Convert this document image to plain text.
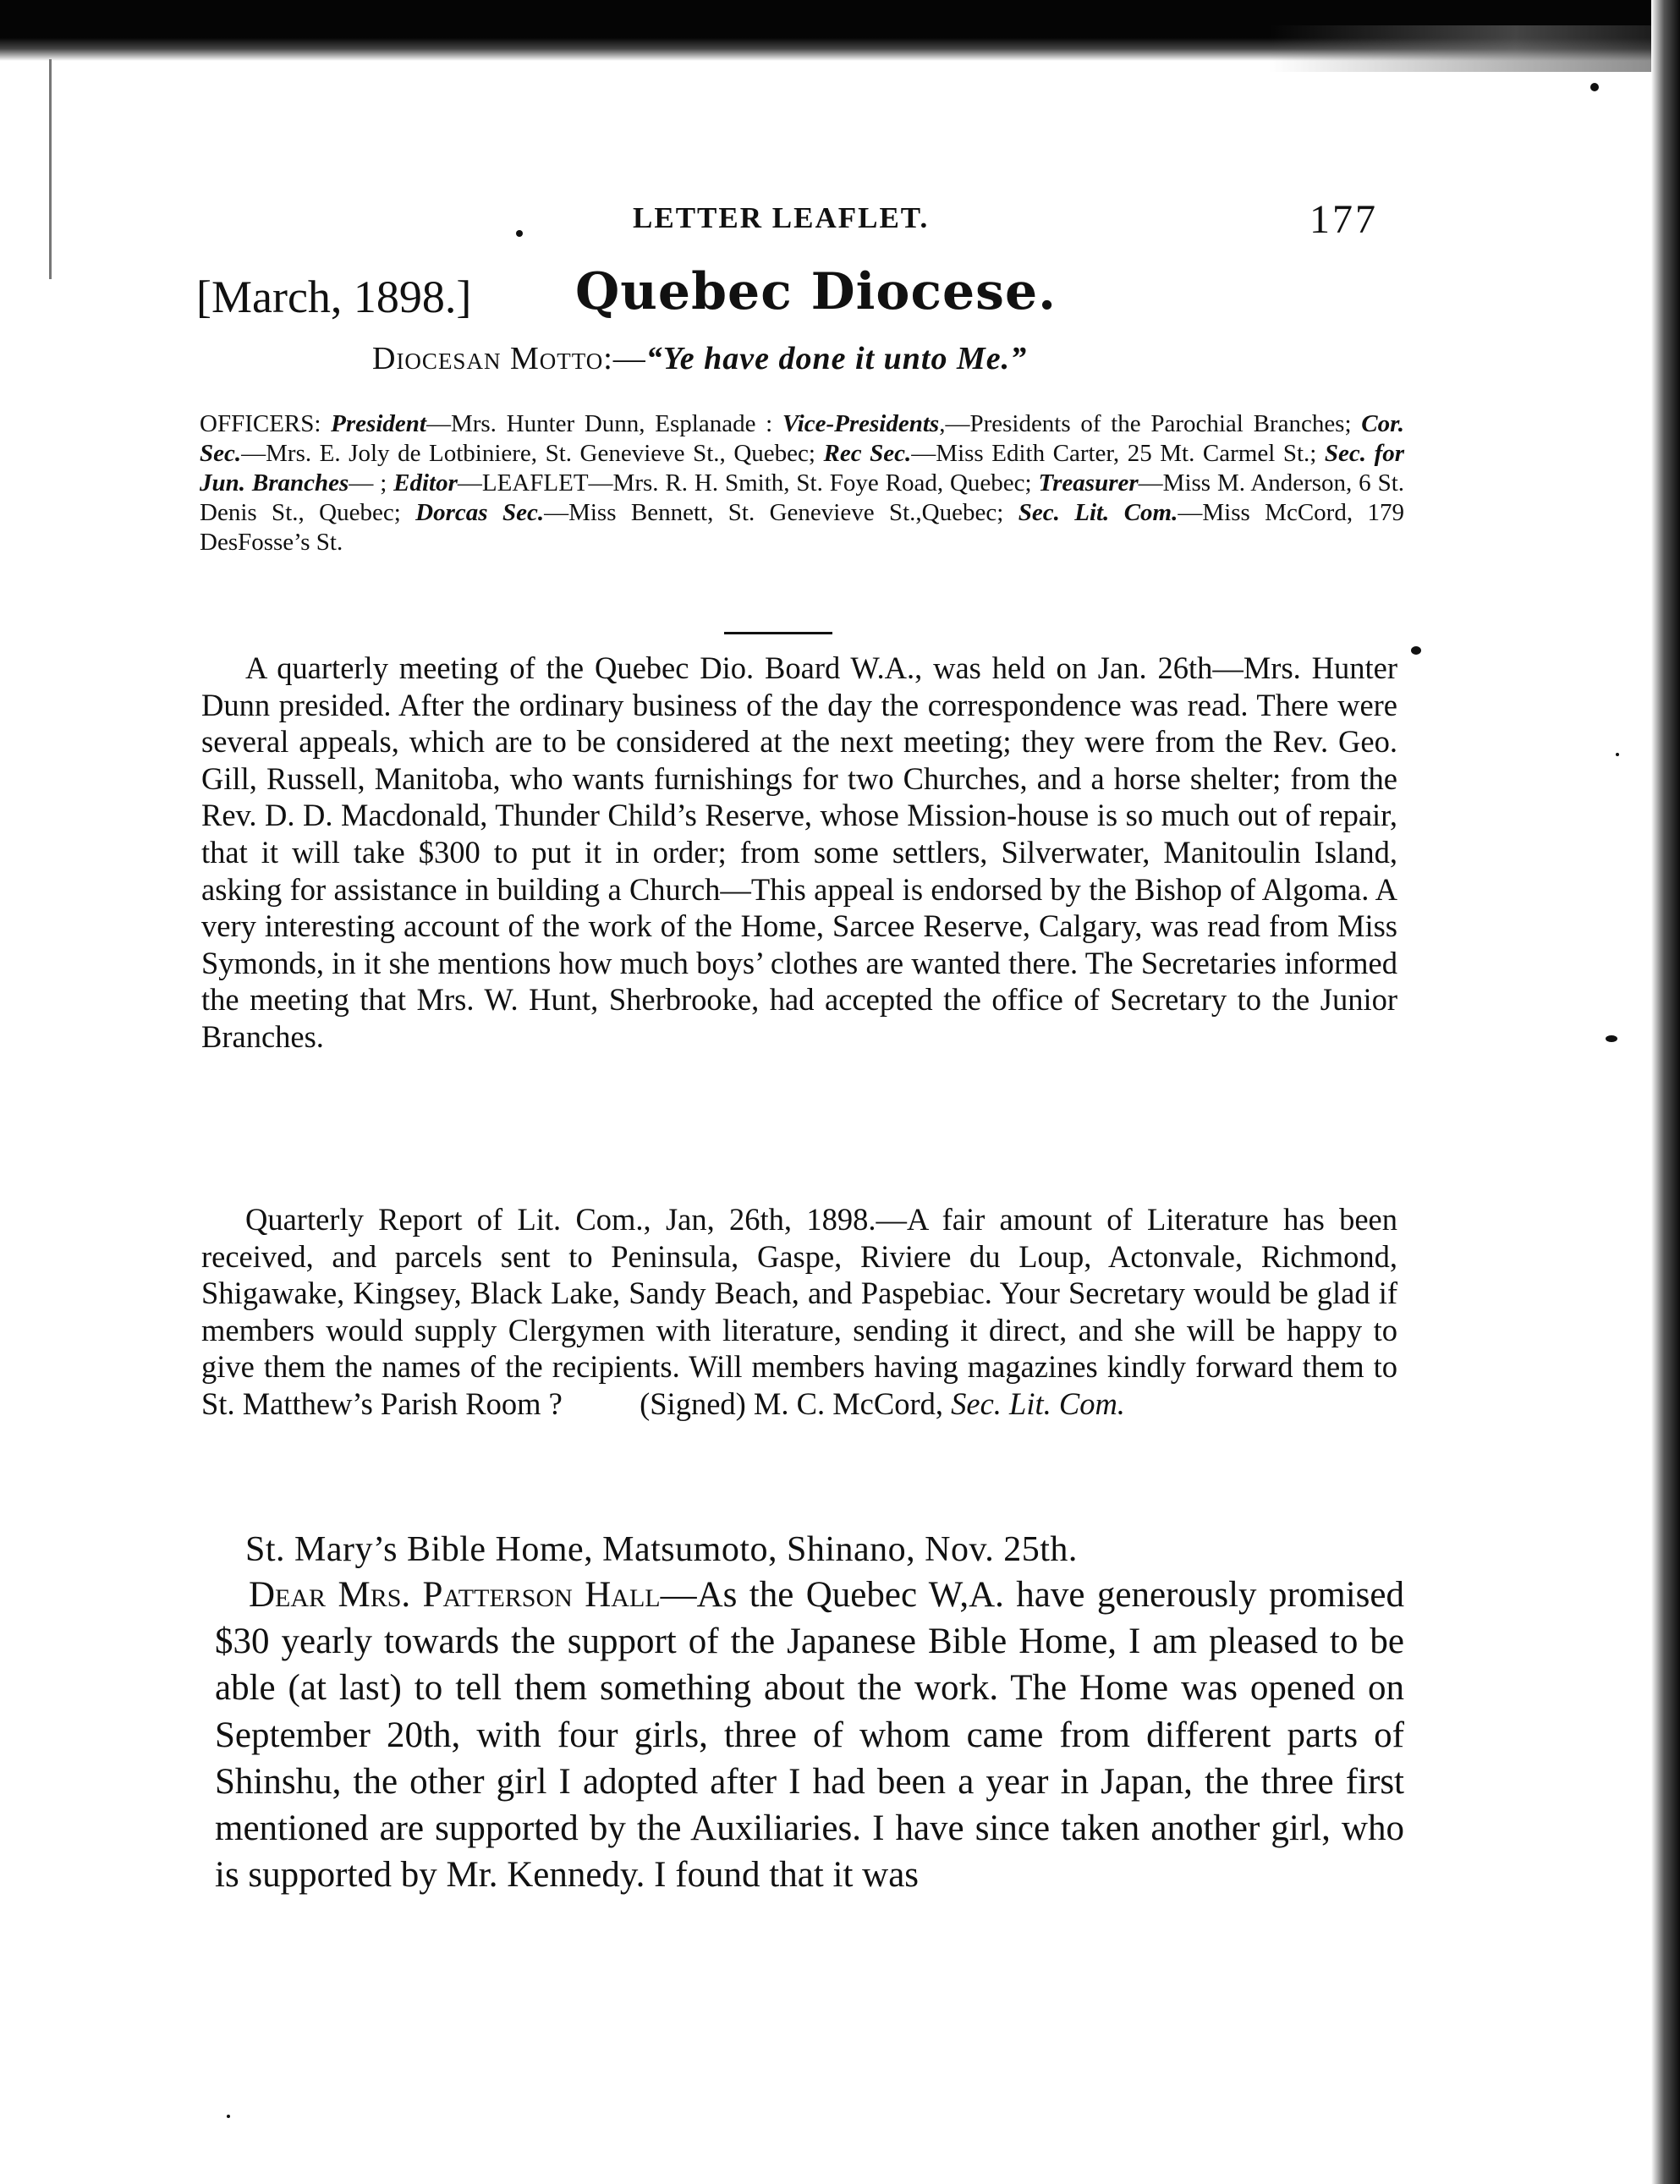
LETTER LEAFLET.	177
[March, 1898.] Quebec Diocese.
Diocesan Motto:—“Ye have done it unto Me.”
OFFICERS: President—Mrs. Hunter Dunn, Esplanade : Vice-Presidents,—Presidents of the Parochial Branches; Cor. Sec.—Mrs. E. Joly de Lotbiniere, St. Genevieve St., Quebec; Rec Sec.—Miss Edith Carter, 25 Mt. Carmel St.; Sec. for Jun. Branches— ; Editor—LEAFLET—Mrs. R. H. Smith, St. Foye Road, Quebec; Treasurer—Miss M. Anderson, 6 St. Denis St., Quebec; Dorcas Sec.—Miss Bennett, St. Genevieve St.,Quebec; Sec. Lit. Com.—Miss McCord, 179 DesFosse’s St.

A quarterly meeting of the Quebec Dio. Board W.A., was held on Jan. 26th—Mrs. Hunter Dunn presided. After the ordinary business of the day the correspondence was read. There were several appeals, which are to be considered at the next meeting; they were from the Rev. Geo. Gill, Russell, Manitoba, who wants furnishings for two Churches, and a horse shelter; from the Rev. D. D. Macdonald, Thunder Child’s Reserve, whose Mission-house is so much out of repair, that it will take $300 to put it in order; from some settlers, Silverwater, Manitoulin Island, asking for assistance in building a Church—This appeal is endorsed by the Bishop of Algoma. A very interesting account of the work of the Home, Sarcee Reserve, Calgary, was read from Miss Symonds, in it she mentions how much boys’ clothes are wanted there. The Secretaries informed the meeting that Mrs. W. Hunt, Sherbrooke, had accepted the office of Secretary to the Junior Branches.

Quarterly Report of Lit. Com., Jan, 26th, 1898.—A fair amount of Literature has been received, and parcels sent to Peninsula, Gaspe, Riviere du Loup, Actonvale, Richmond, Shigawake, Kingsey, Black Lake, Sandy Beach, and Paspebiac. Your Secretary would be glad if members would supply Clergymen with literature, sending it direct, and she will be happy to give them the names of the recipients. Will members having magazines kindly forward them to St. Matthew’s Parish Room ?	(Signed) M. C. McCord, Sec. Lit. Com.

St. Mary’s Bible Home, Matsumoto, Shinano, Nov. 25th.

Dear Mrs. Patterson Hall—As the Quebec W,A. have generously promised $30 yearly towards the support of the Japanese Bible Home, I am pleased to be able (at last) to tell them something about the work. The Home was opened on September 20th, with four girls, three of whom came from different parts of Shinshu, the other girl I adopted after I had been a year in Japan, the three first mentioned are supported by the Auxiliaries. I have since taken another girl, who is supported by Mr. Kennedy. I found that it was
